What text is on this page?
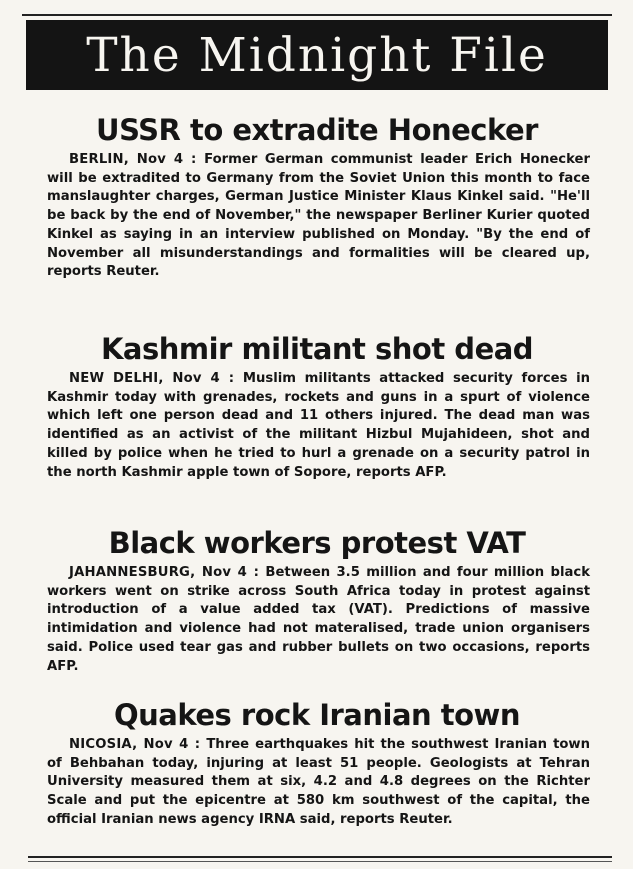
The Midnight File
USSR to extradite Honecker

BERLIN, Nov 4 : Former German communist leader Erich Honecker will be extradited to Germany from the Soviet Union this month to face manslaughter charges, German Justice Minister Klaus Kinkel said. "He'll be back by the end of November," the newspaper Berliner Kurier quoted Kinkel as saying in an interview published on Monday. "By the end of November all misunderstandings and formalities will be cleared up, reports Reuter.

Kashmir militant shot dead

NEW DELHI, Nov 4 : Muslim militants attacked security forces in Kashmir today with grenades, rockets and guns in a spurt of violence which left one person dead and 11 others injured. The dead man was identified as an activist of the militant Hizbul Mujahideen, shot and killed by police when he tried to hurl a grenade on a security patrol in the north Kashmir apple town of Sopore, reports AFP.

Black workers protest VAT

JAHANNESBURG, Nov 4 : Between 3.5 million and four million black workers went on strike across South Africa today in protest against introduction of a value added tax (VAT). Predictions of massive intimidation and violence had not materalised, trade union organisers said. Police used tear gas and rubber bullets on two occasions, reports AFP.

Quakes rock Iranian town

NICOSIA, Nov 4 : Three earthquakes hit the southwest Iranian town of Behbahan today, injuring at least 51 people. Geologists at Tehran University measured them at six, 4.2 and 4.8 degrees on the Richter Scale and put the epicentre at 580 km southwest of the capital, the official Iranian news agency IRNA said, reports Reuter.
